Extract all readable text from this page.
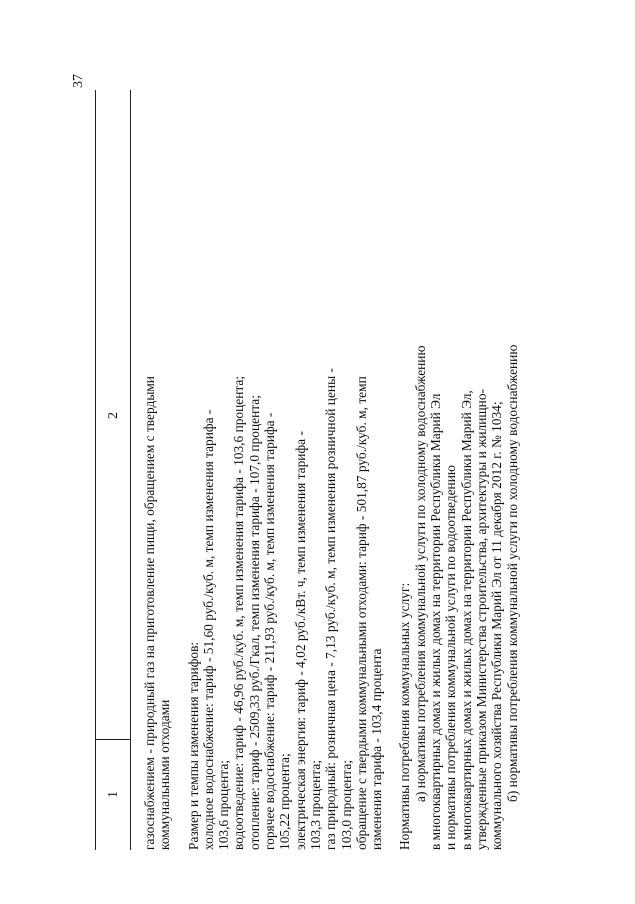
37
1
2 газоснабжением - природный газ на приготовление пищи, обращением с твердыми коммунальными отходами Размер и темпы изменения тарифов: холодное водоснабжение: тариф - 51,60 руб./куб. м, темп изменения тарифа - 103,6 процента; водоотведение: тариф - 46,96 руб./куб. м, темп изменения тарифа - 103,6 процента; отопление: тариф - 2509,33 руб./Гкал, темп изменения тарифа - 107,0 процента; горячее водоснабжение: тариф - 211,93 руб./куб. м, темп изменения тарифа - 105,22 процента; электрическая энергия: тариф - 4,02 руб./кВт. ч, темп изменения тарифа - 103,3 процента; газ природный: розничная цена - 7,13 руб./куб. м, темп изменения розничной цены - 103,0 процента; обращение с твердыми коммунальными отходами: тариф - 501,87 руб./куб. м, темп изменения тарифа - 103,4 процента Нормативы потребления коммунальных услуг: а) нормативы потребления коммунальной услуги по холодному водоснабжению в многоквартирных домах и жилых домах на территории Республики Марий Эл и нормативы потребления коммунальной услуги по водоотведению в многоквартирных домах и жилых домах на территории Республики Марий Эл, утвержденные приказом Министерства строительства, архитектуры и жилищно- коммунального хозяйства Республики Марий Эл от 11 декабря 2012 г. № 1034; б) нормативы потребления коммунальной услуги по холодному водоснабжению
